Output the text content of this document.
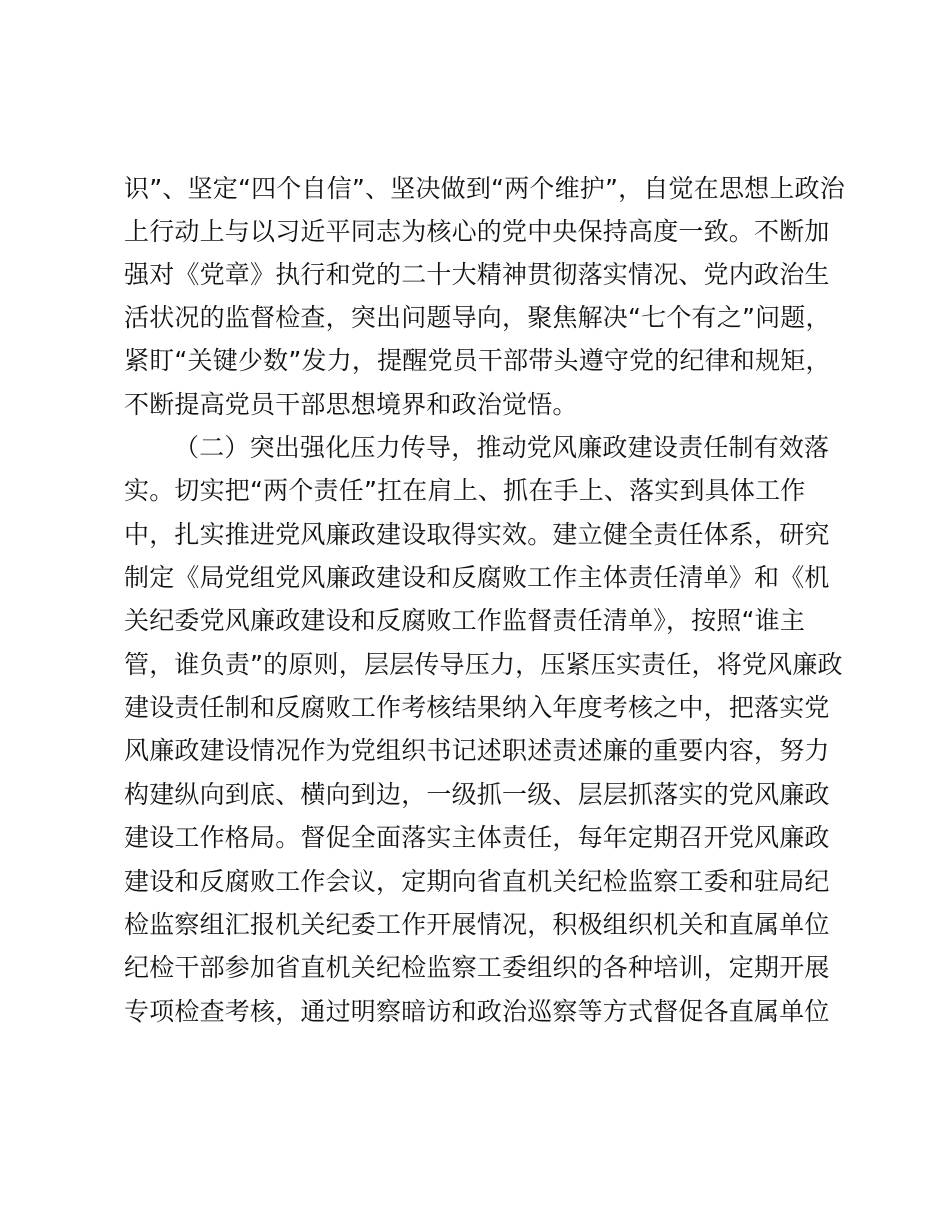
识”、坚定“四个自信”、坚决做到“两个维护”，自觉在思想上政治
上行动上与以习近平同志为核心的党中央保持高度一致。不断加
强对《党章》执行和党的二十大精神贯彻落实情况、党内政治生
活状况的监督检查，突出问题导向，聚焦解决“七个有之”问题，
紧盯“关键少数”发力，提醒党员干部带头遵守党的纪律和规矩，
不断提高党员干部思想境界和政治觉悟。
（二）突出强化压力传导，推动党风廉政建设责任制有效落
实。切实把“两个责任”扛在肩上、抓在手上、落实到具体工作
中，扎实推进党风廉政建设取得实效。建立健全责任体系，研究
制定《局党组党风廉政建设和反腐败工作主体责任清单》和《机
关纪委党风廉政建设和反腐败工作监督责任清单》，按照“谁主
管，谁负责”的原则，层层传导压力，压紧压实责任，将党风廉政
建设责任制和反腐败工作考核结果纳入年度考核之中，把落实党
风廉政建设情况作为党组织书记述职述责述廉的重要内容，努力
构建纵向到底、横向到边，一级抓一级、层层抓落实的党风廉政
建设工作格局。督促全面落实主体责任，每年定期召开党风廉政
建设和反腐败工作会议，定期向省直机关纪检监察工委和驻局纪
检监察组汇报机关纪委工作开展情况，积极组织机关和直属单位
纪检干部参加省直机关纪检监察工委组织的各种培训，定期开展
专项检查考核，通过明察暗访和政治巡察等方式督促各直属单位
